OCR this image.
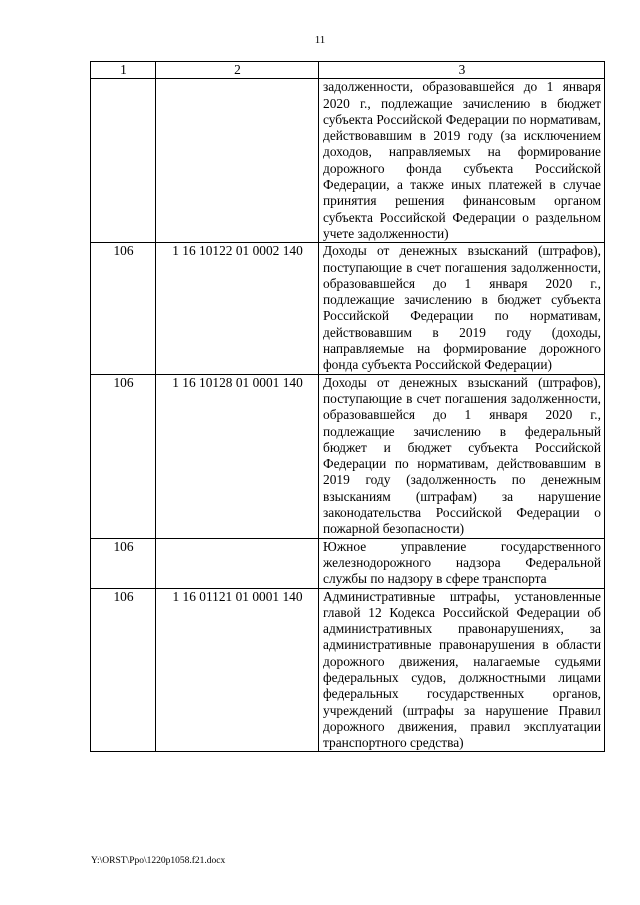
11
1	2	3
		задолженности, образовавшейся до 1 января 2020 г., подлежащие зачислению в бюджет субъекта Российской Федерации по нормативам, действовавшим в 2019 году (за исключением доходов, направляемых на формирование дорожного фонда субъекта Российской Федерации, а также иных платежей в случае принятия решения финансовым органом субъекта Российской Федерации о раздельном учете задолженности)
106	1 16 10122 01 0002 140	Доходы от денежных взысканий (штрафов), поступающие в счет погашения задолженности, образовавшейся до 1 января 2020 г., подлежащие зачислению в бюджет субъекта Российской Федерации по нормативам, действовавшим в 2019 году (доходы, направляемые на формирование дорожного фонда субъекта Российской Федерации)
106	1 16 10128 01 0001 140	Доходы от денежных взысканий (штрафов), поступающие в счет погашения задолженности, образовавшейся до 1 января 2020 г., подлежащие зачислению в федеральный бюджет и бюджет субъекта Российской Федерации по нормативам, действовавшим в 2019 году (задолженность по денежным взысканиям (штрафам) за нарушение законодательства Российской Федерации о пожарной безопасности)
106		Южное управление государственного железнодорожного надзора Федеральной службы по надзору в сфере транспорта
106	1 16 01121 01 0001 140	Административные штрафы, установленные главой 12 Кодекса Российской Федерации об административных правонарушениях, за административные правонарушения в области дорожного движения, налагаемые судьями федеральных судов, должностными лицами федеральных государственных органов, учреждений (штрафы за нарушение Правил дорожного движения, правил эксплуатации транспортного средства)
Y:\ORST\Ppo\1220p1058.f21.docx
